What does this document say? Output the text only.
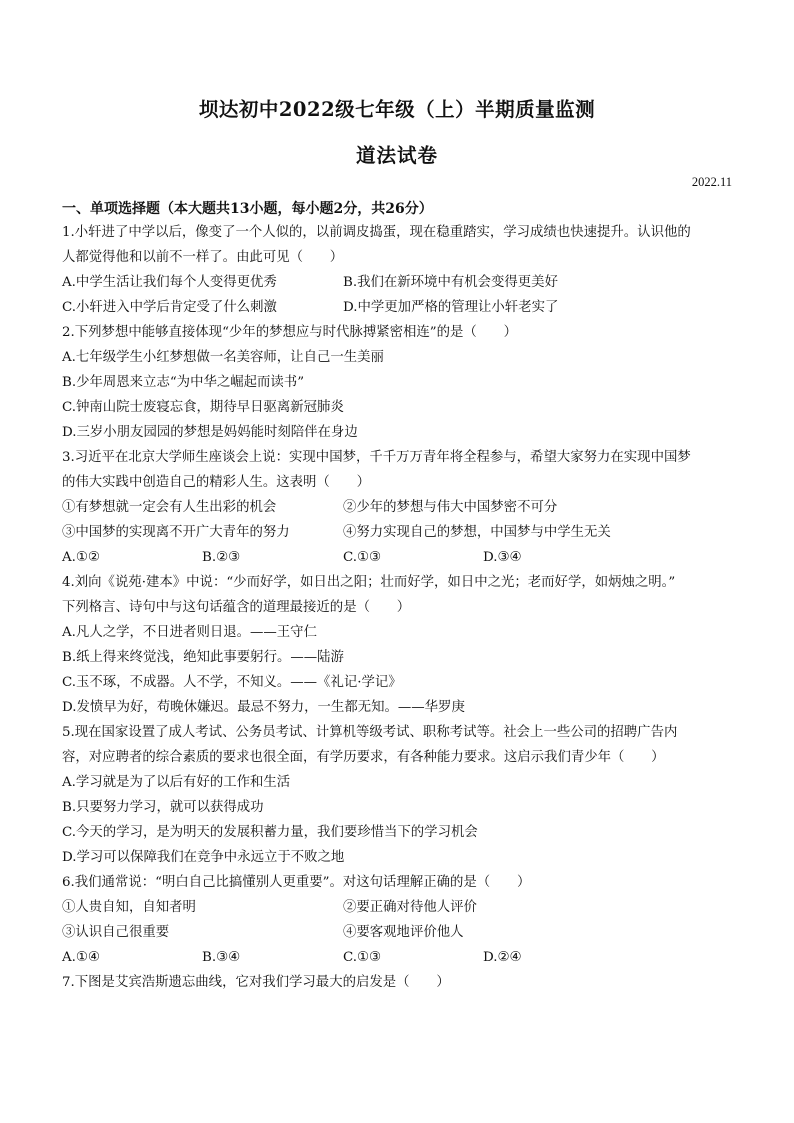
坝达初中2022级七年级（上）半期质量监测
道法试卷
2022.11
一、单项选择题（本大题共13小题，每小题2分，共26分）
1.小轩进了中学以后，像变了一个人似的，以前调皮捣蛋，现在稳重踏实，学习成绩也快速提升。认识他的
人都觉得他和以前不一样了。由此可见（　　）
A.中学生活让我们每个人变得更优秀	B.我们在新环境中有机会变得更美好
C.小轩进入中学后肯定受了什么刺激	D.中学更加严格的管理让小轩老实了
2.下列梦想中能够直接体现“少年的梦想应与时代脉搏紧密相连”的是（　　）
A.七年级学生小红梦想做一名美容师，让自己一生美丽
B.少年周恩来立志“为中华之崛起而读书”
C.钟南山院士废寝忘食，期待早日驱离新冠肺炎
D.三岁小朋友园园的梦想是妈妈能时刻陪伴在身边
3.习近平在北京大学师生座谈会上说：实现中国梦，千千万万青年将全程参与，希望大家努力在实现中国梦
的伟大实践中创造自己的精彩人生。这表明（　　）
①有梦想就一定会有人生出彩的机会	②少年的梦想与伟大中国梦密不可分
③中国梦的实现离不开广大青年的努力	④努力实现自己的梦想，中国梦与中学生无关
A.①②	B.②③	C.①③	D.③④
4.刘向《说苑·建本》中说：“少而好学，如日出之阳；壮而好学，如日中之光；老而好学，如炳烛之明。”
下列格言、诗句中与这句话蕴含的道理最接近的是（　　）
A.凡人之学，不日进者则日退。——王守仁
B.纸上得来终觉浅，绝知此事要躬行。——陆游
C.玉不琢，不成器。人不学，不知义。——《礼记·学记》
D.发愤早为好，苟晚休嫌迟。最忌不努力，一生都无知。——华罗庚
5.现在国家设置了成人考试、公务员考试、计算机等级考试、职称考试等。社会上一些公司的招聘广告内
容，对应聘者的综合素质的要求也很全面，有学历要求，有各种能力要求。这启示我们青少年（　　）
A.学习就是为了以后有好的工作和生活
B.只要努力学习，就可以获得成功
C.今天的学习，是为明天的发展积蓄力量，我们要珍惜当下的学习机会
D.学习可以保障我们在竞争中永远立于不败之地
6.我们通常说：“明白自己比搞懂别人更重要”。对这句话理解正确的是（　　）
①人贵自知，自知者明	②要正确对待他人评价
③认识自己很重要	④要客观地评价他人
A.①④	B.③④	C.①③	D.②④
7.下图是艾宾浩斯遗忘曲线，它对我们学习最大的启发是（　　）
